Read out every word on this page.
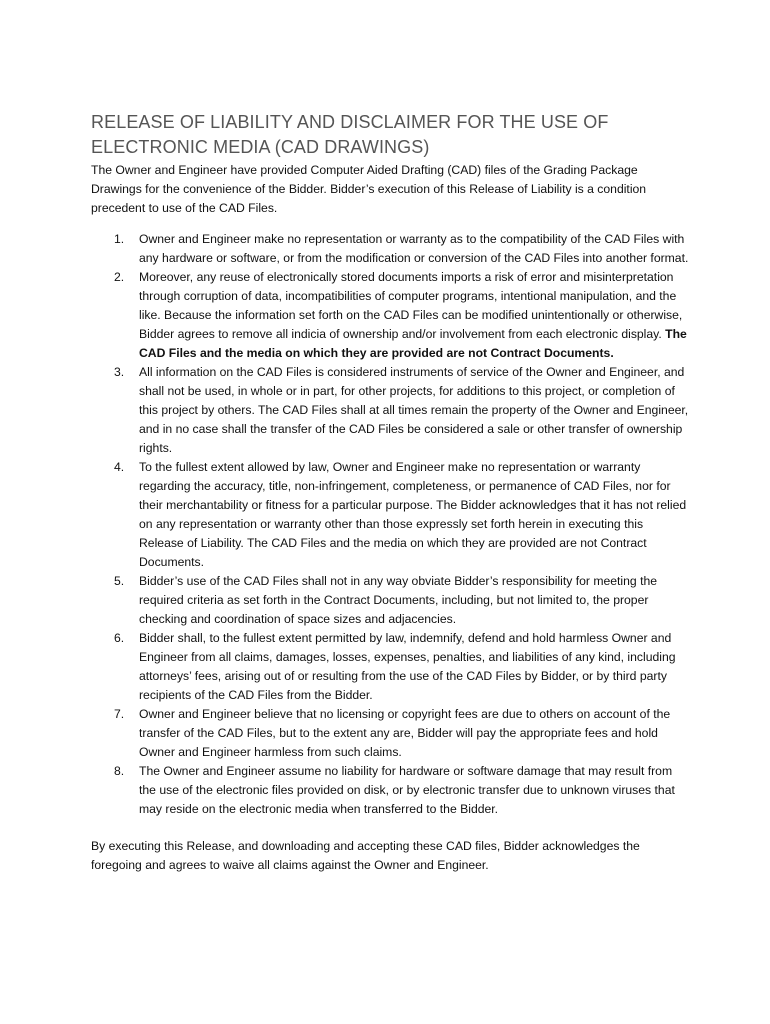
RELEASE OF LIABILITY AND DISCLAIMER FOR THE USE OF ELECTRONIC MEDIA (CAD DRAWINGS)

The Owner and Engineer have provided Computer Aided Drafting (CAD) files of the Grading Package Drawings for the convenience of the Bidder. Bidder’s execution of this Release of Liability is a condition precedent to use of the CAD Files.

1. Owner and Engineer make no representation or warranty as to the compatibility of the CAD Files with any hardware or software, or from the modification or conversion of the CAD Files into another format.
2. Moreover, any reuse of electronically stored documents imports a risk of error and misinterpretation through corruption of data, incompatibilities of computer programs, intentional manipulation, and the like. Because the information set forth on the CAD Files can be modified unintentionally or otherwise, Bidder agrees to remove all indicia of ownership and/or involvement from each electronic display. The CAD Files and the media on which they are provided are not Contract Documents.
3. All information on the CAD Files is considered instruments of service of the Owner and Engineer, and shall not be used, in whole or in part, for other projects, for additions to this project, or completion of this project by others. The CAD Files shall at all times remain the property of the Owner and Engineer, and in no case shall the transfer of the CAD Files be considered a sale or other transfer of ownership rights.
4. To the fullest extent allowed by law, Owner and Engineer make no representation or warranty regarding the accuracy, title, non-infringement, completeness, or permanence of CAD Files, nor for their merchantability or fitness for a particular purpose. The Bidder acknowledges that it has not relied on any representation or warranty other than those expressly set forth herein in executing this Release of Liability. The CAD Files and the media on which they are provided are not Contract Documents.
5. Bidder’s use of the CAD Files shall not in any way obviate Bidder’s responsibility for meeting the required criteria as set forth in the Contract Documents, including, but not limited to, the proper checking and coordination of space sizes and adjacencies.
6. Bidder shall, to the fullest extent permitted by law, indemnify, defend and hold harmless Owner and Engineer from all claims, damages, losses, expenses, penalties, and liabilities of any kind, including attorneys’ fees, arising out of or resulting from the use of the CAD Files by Bidder, or by third party recipients of the CAD Files from the Bidder.
7. Owner and Engineer believe that no licensing or copyright fees are due to others on account of the transfer of the CAD Files, but to the extent any are, Bidder will pay the appropriate fees and hold Owner and Engineer harmless from such claims.
8. The Owner and Engineer assume no liability for hardware or software damage that may result from the use of the electronic files provided on disk, or by electronic transfer due to unknown viruses that may reside on the electronic media when transferred to the Bidder.

By executing this Release, and downloading and accepting these CAD files, Bidder acknowledges the foregoing and agrees to waive all claims against the Owner and Engineer.
